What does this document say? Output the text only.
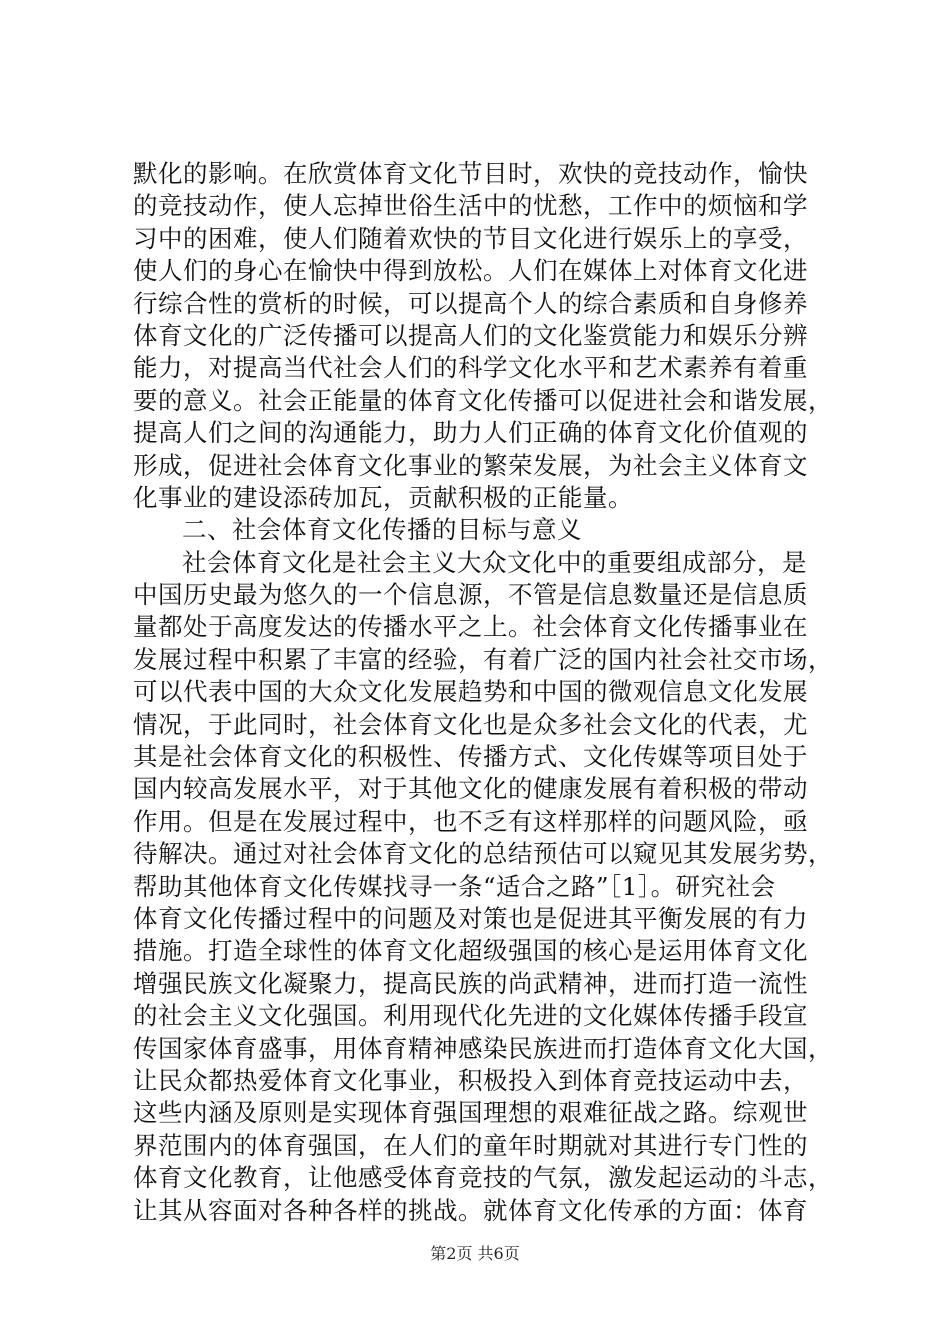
默化的影响。在欣赏体育文化节目时，欢快的竞技动作，愉快
的竞技动作，使人忘掉世俗生活中的忧愁，工作中的烦恼和学
习中的困难，使人们随着欢快的节目文化进行娱乐上的享受，
使人们的身心在愉快中得到放松。人们在媒体上对体育文化进
行综合性的赏析的时候，可以提高个人的综合素质和自身修养
体育文化的广泛传播可以提高人们的文化鉴赏能力和娱乐分辨
能力，对提高当代社会人们的科学文化水平和艺术素养有着重
要的意义。社会正能量的体育文化传播可以促进社会和谐发展，
提高人们之间的沟通能力，助力人们正确的体育文化价值观的
形成，促进社会体育文化事业的繁荣发展，为社会主义体育文
化事业的建设添砖加瓦，贡献积极的正能量。
二、社会体育文化传播的目标与意义
社会体育文化是社会主义大众文化中的重要组成部分，是
中国历史最为悠久的一个信息源，不管是信息数量还是信息质
量都处于高度发达的传播水平之上。社会体育文化传播事业在
发展过程中积累了丰富的经验，有着广泛的国内社会社交市场，
可以代表中国的大众文化发展趋势和中国的微观信息文化发展
情况，于此同时，社会体育文化也是众多社会文化的代表，尤
其是社会体育文化的积极性、传播方式、文化传媒等项目处于
国内较高发展水平，对于其他文化的健康发展有着积极的带动
作用。但是在发展过程中，也不乏有这样那样的问题风险，亟
待解决。通过对社会体育文化的总结预估可以窥见其发展劣势，
帮助其他体育文化传媒找寻一条“适合之路”［1］。研究社会
体育文化传播过程中的问题及对策也是促进其平衡发展的有力
措施。打造全球性的体育文化超级强国的核心是运用体育文化
增强民族文化凝聚力，提高民族的尚武精神，进而打造一流性
的社会主义文化强国。利用现代化先进的文化媒体传播手段宣
传国家体育盛事，用体育精神感染民族进而打造体育文化大国，
让民众都热爱体育文化事业，积极投入到体育竞技运动中去，
这些内涵及原则是实现体育强国理想的艰难征战之路。综观世
界范围内的体育强国，在人们的童年时期就对其进行专门性的
体育文化教育，让他感受体育竞技的气氛，激发起运动的斗志，
让其从容面对各种各样的挑战。就体育文化传承的方面：体育
第2页 共6页
